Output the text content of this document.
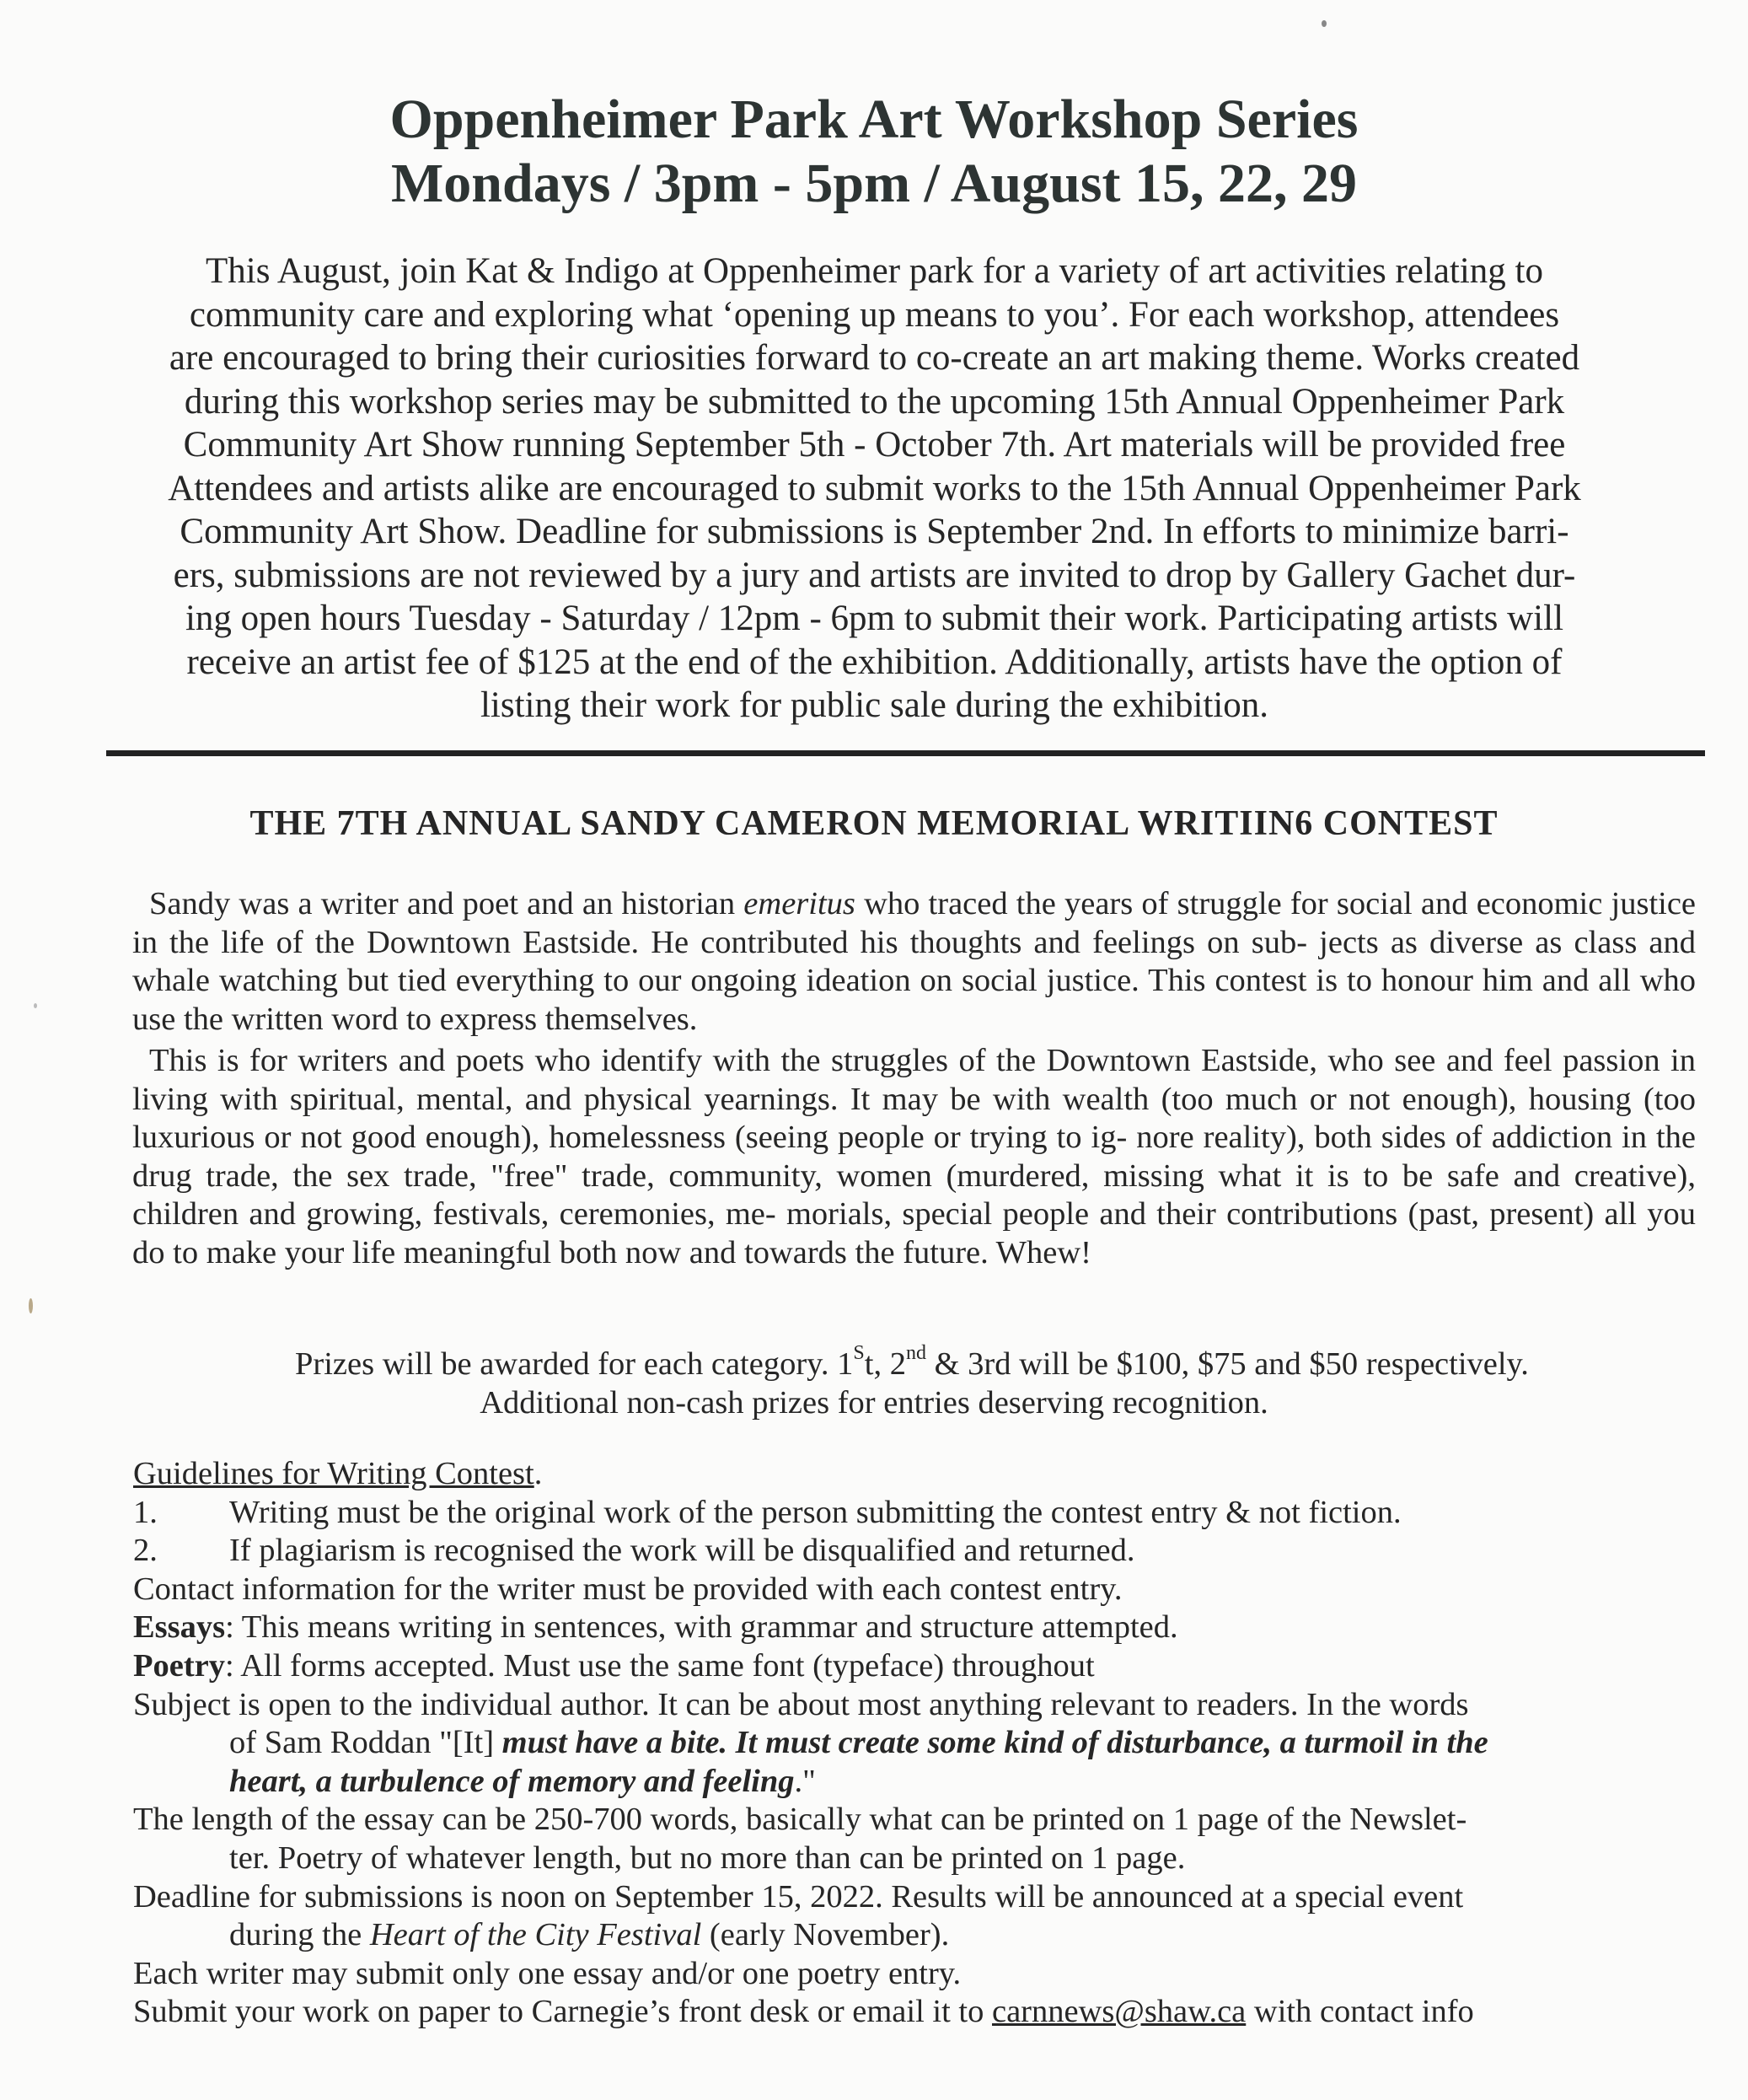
Oppenheimer Park Art Workshop Series
Mondays / 3pm - 5pm / August 15, 22, 29

This August, join Kat & Indigo at Oppenheimer park for a variety of art activities relating to
community care and exploring what ‘opening up means to you’. For each workshop, attendees
are encouraged to bring their curiosities forward to co-create an art making theme. Works created
during this workshop series may be submitted to the upcoming 15th Annual Oppenheimer Park
Community Art Show running September 5th - October 7th. Art materials will be provided free
Attendees and artists alike are encouraged to submit works to the 15th Annual Oppenheimer Park
Community Art Show. Deadline for submissions is September 2nd. In efforts to minimize barri-
ers, submissions are not reviewed by a jury and artists are invited to drop by Gallery Gachet dur-
ing open hours Tuesday - Saturday / 12pm - 6pm to submit their work. Participating artists will
receive an artist fee of $125 at the end of the exhibition. Additionally, artists have the option of
listing their work for public sale during the exhibition.

THE 7TH ANNUAL SANDY CAMERON MEMORIAL WRITIIN6 CONTEST

Sandy was a writer and poet and an historian emeritus who traced the years of struggle for social and economic justice in the life of the Downtown Eastside. He contributed his thoughts and feelings on sub- jects as diverse as class and whale watching but tied everything to our ongoing ideation on social justice. This contest is to honour him and all who use the written word to express themselves.

This is for writers and poets who identify with the struggles of the Downtown Eastside, who see and feel passion in living with spiritual, mental, and physical yearnings. It may be with wealth (too much or not enough), housing (too luxurious or not good enough), homelessness (seeing people or trying to ig- nore reality), both sides of addiction in the drug trade, the sex trade, "free" trade, community, women (murdered, missing what it is to be safe and creative), children and growing, festivals, ceremonies, me- morials, special people and their contributions (past, present) all you do to make your life meaningful both now and towards the future. Whew!

Prizes will be awarded for each category. $1^St$, 2nd & 3rd will be $100, $75 and $50 respectively.
Additional non-cash prizes for entries deserving recognition.
Guidelines for Writing Contest.
1. Writing must be the original work of the person submitting the contest entry & not fiction.
2. If plagiarism is recognised the work will be disqualified and returned.
Contact information for the writer must be provided with each contest entry.
Essays: This means writing in sentences, with grammar and structure attempted.
Poetry: All forms accepted. Must use the same font (typeface) throughout
Subject is open to the individual author. It can be about most anything relevant to readers. In the words
of Sam Roddan "[It] must have a bite. It must create some kind of disturbance, a turmoil in the
heart, a turbulence of memory and feeling."
The length of the essay can be 250-700 words, basically what can be printed on 1 page of the Newslet-
ter. Poetry of whatever length, but no more than can be printed on 1 page.
Deadline for submissions is noon on September 15, 2022. Results will be announced at a special event
during the Heart of the City Festival (early November).
Each writer may submit only one essay and/or one poetry entry.
Submit your work on paper to Carnegie’s front desk or email it to carnnews@shaw.ca with contact info
